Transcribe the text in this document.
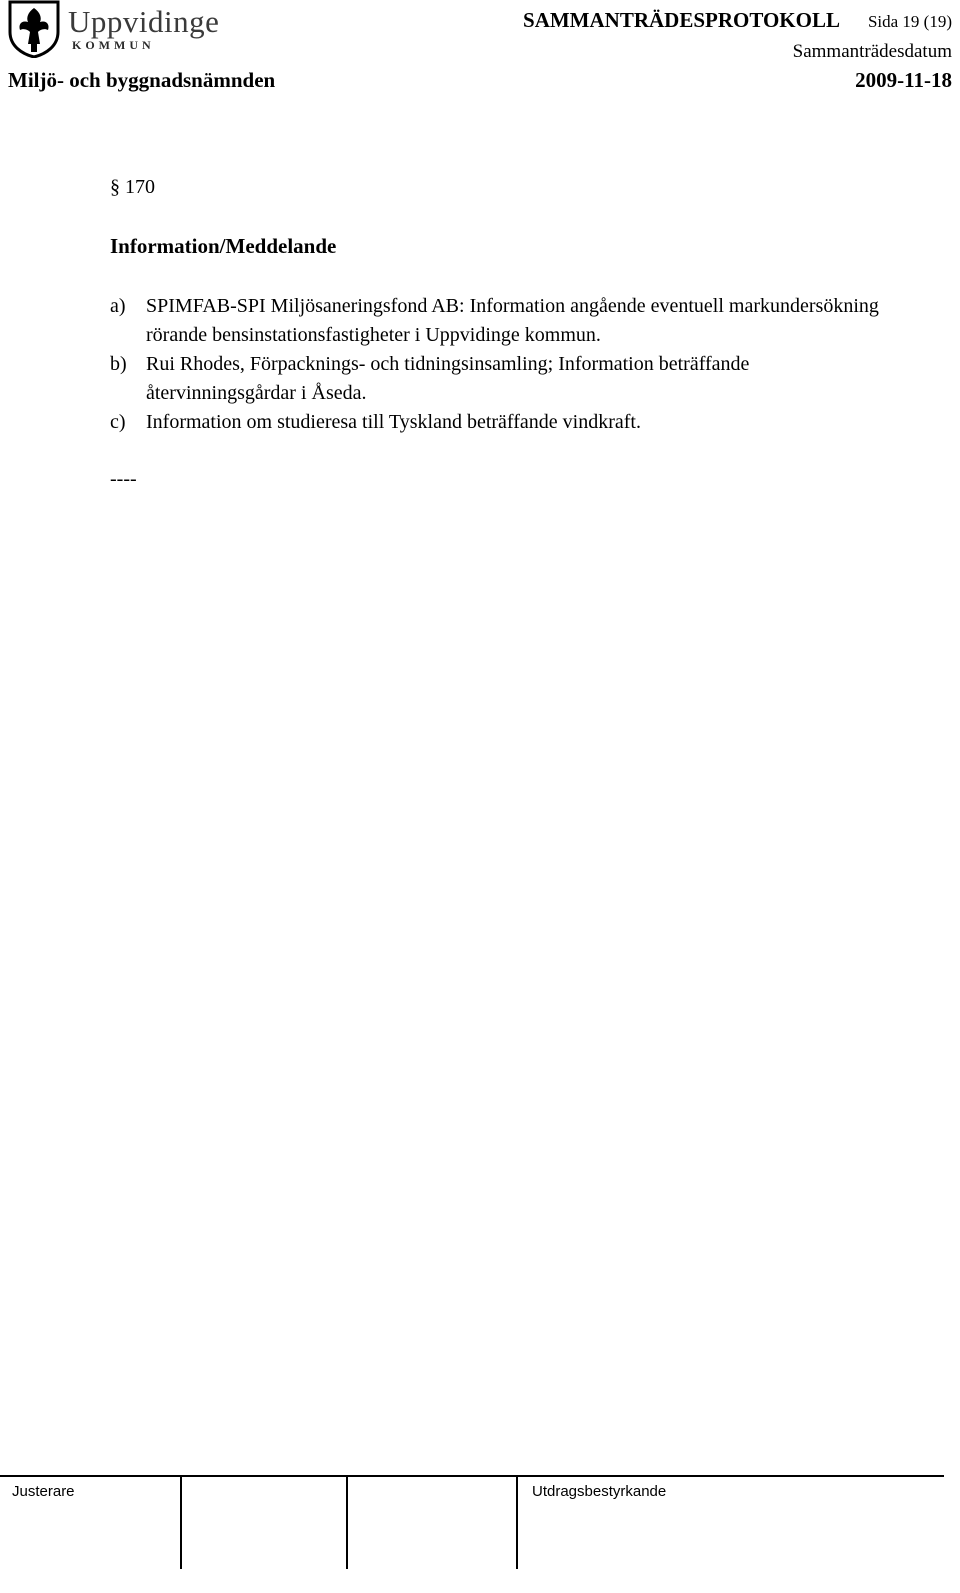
Uppvidinge
KOMMUN
SAMMANTRÄDESPROTOKOLL Sida 19 (19)
Sammanträdesdatum
Miljö- och byggnadsnämnden	2009-11-18
§ 170
Information/Meddelande
a)	SPIMFAB-SPI Miljösaneringsfond AB: Information angående eventuell markundersökning rörande bensinstationsfastigheter i Uppvidinge kommun.
b) Rui Rhodes, Förpacknings- och tidningsinsamling; Information beträffande återvinningsgårdar i Åseda.
c)	Information om studieresa till Tyskland beträffande vindkraft.
----
Justerare	Utdragsbestyrkande
